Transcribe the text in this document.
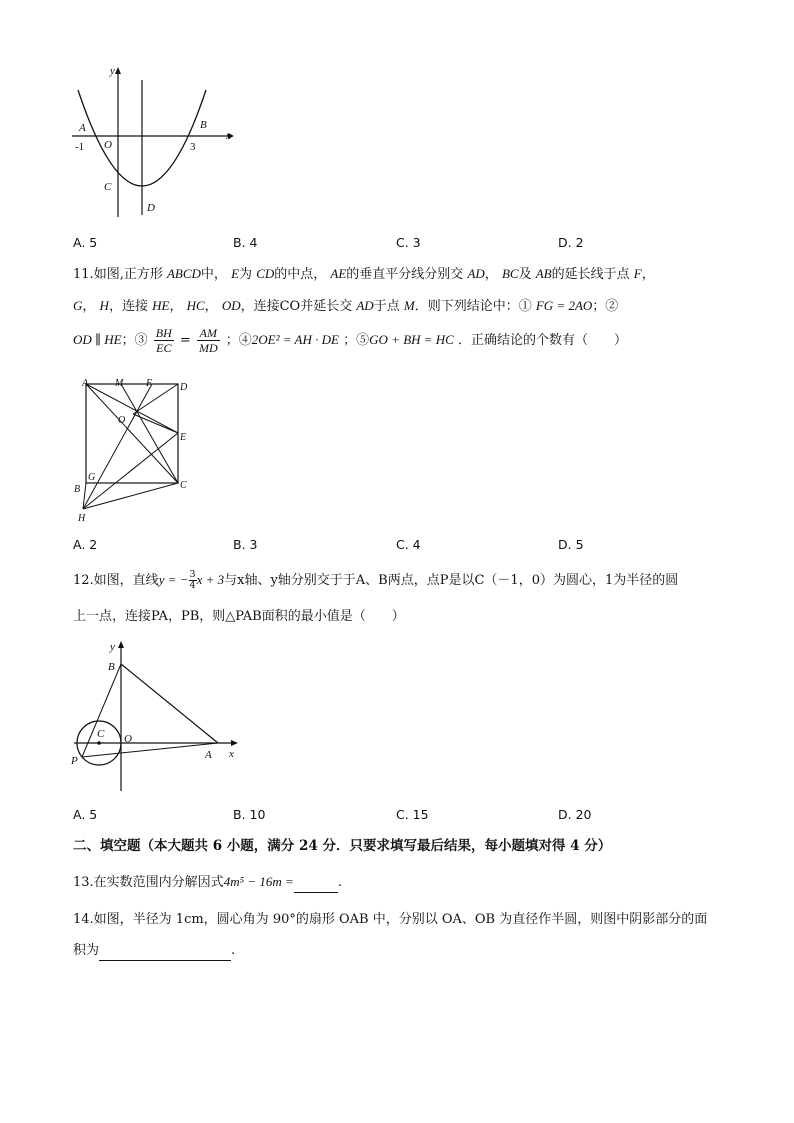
y
x
A	B
O
-1	3
C
D
A. 5	B. 4	C. 3	D. 2
11.如图,正方形 ABCD中， E为 CD的中点， AE的垂直平分线分别交 AD， BC及 AB的延长线于点 F，
G， H，连接 HE， HC， OD，连接CO并延长交 AD于点 M．则下列结论中：① FG = 2AO；②
OD ∥ HE；③ $\frac{BH}{EC} = \frac{AM}{MD}$ ；④2OE² = AH · DE ；⑤GO + BH = HC ．正确结论的个数有（　　）
A	M F	D
O
E
G
B	C
H
A. 2	B. 3	C. 4	D. 5
12.如图，直线y = − $\frac{3}{4}x + 3$与x轴、y轴分别交于于A、B两点，点P是以C（－1，0）为圆心，1为半径的圆
上一点，连接PA，PB，则△PAB面积的最小值是（　　）
y
x
B
C O
A
P
A. 5	B. 10	C. 15	D. 20
二、填空题（本大题共 6 小题，满分 24 分．只要求填写最后结果，每小题填对得 4 分）
13.在实数范围内分解因式4m⁵ − 16m =	.
14.如图，半径为 1cm，圆心角为 90°的扇形 OAB 中，分别以 OA、OB 为直径作半圆，则图中阴影部分的面
积为	.
